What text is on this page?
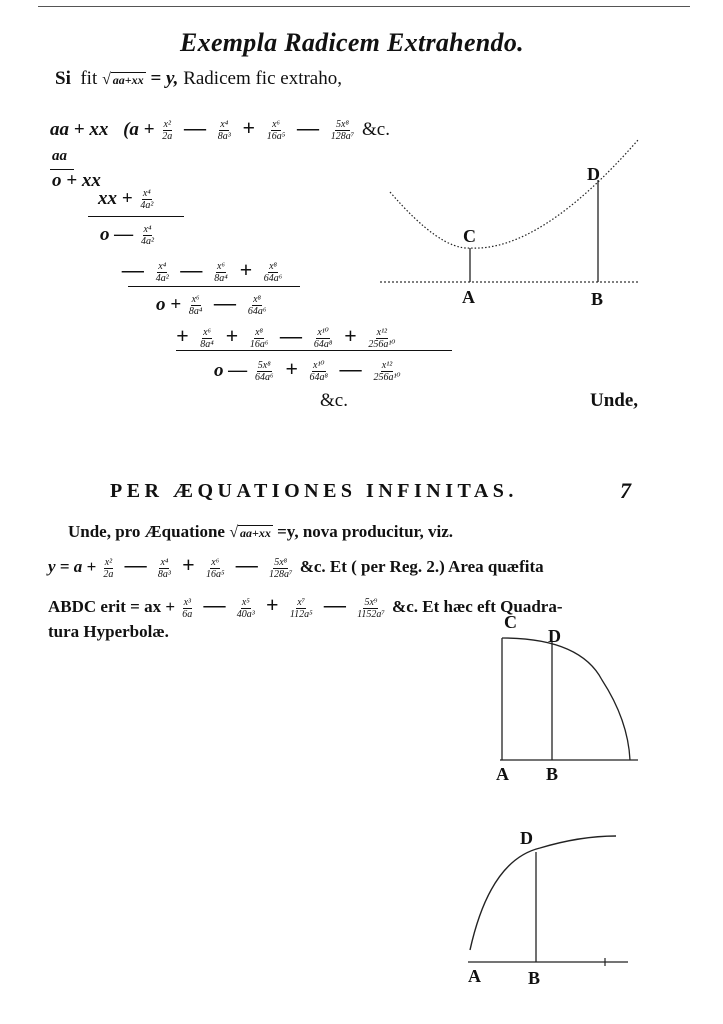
Exempla Radicem Extrahendo.
Si fit √ aa+xx = y, Radicem fic extraho,
aa + xx ($a + \frac{\text{x²}}{2a}$ — $\frac{\text{x⁴}}{\text{8a³}} + \frac{\text{x⁶}}{\text{16a⁵}}$ — $\frac{\text{5x⁸}}{\text{128a⁷}}$ &c.
aa
o + xx
xx + $\frac{\text{x⁴}}{\text{4a²}}$
o — $\frac{\text{x⁴}}{\text{4a²}}$
— $\frac{\text{x⁴}}{\text{4a²}}$ — $\frac{\text{x⁶}}{\text{8a⁴}} + \frac{\text{x⁸}}{\text{64a⁶}}$
$o + \frac{\text{x⁶}}{\text{8a⁴}}$ — $\frac{\text{x⁸}}{\text{64a⁶}}$
+ $\frac{\text{x⁶}}{\text{8a⁴}} + \frac{\text{x⁸}}{\text{16a⁶}}$ — $\frac{\text{x¹⁰}}{\text{64a⁸}} + \frac{\text{x¹²}}{\text{256a¹⁰}}$
o — $\frac{\text{5x⁸}}{\text{64a⁶}} + \frac{\text{x¹⁰}}{\text{64a⁸}}$ — $\frac{\text{x¹²}}{\text{256a¹⁰}}$
&c.	Unde,
C
D
A	B
PER ÆQUATIONES INFINITAS.	7
Unde, pro Æquatione √ aa+xx =y, nova producitur, viz.
$y = a + \frac{\text{x²}}{2a}$ — $\frac{\text{x⁴}}{\text{8a³}} + \frac{\text{x⁶}}{\text{16a⁵}}$ — $\frac{\text{5x⁸}}{\text{128a⁷}}$ &c. Et ( per Reg. 2.) Area quæfita
ABDC erit = ax + $\frac{\text{x³}}{6a}$ — $\frac{\text{x⁵}}{\text{40a³}} + \frac{\text{x⁷}}{\text{112a⁵}}$ — $\frac{\text{5x⁹}}{\text{1152a⁷}}$ &c. Et hæc eft Quadra-
tura Hyperbolæ.	C
D
A B
D
A	B
